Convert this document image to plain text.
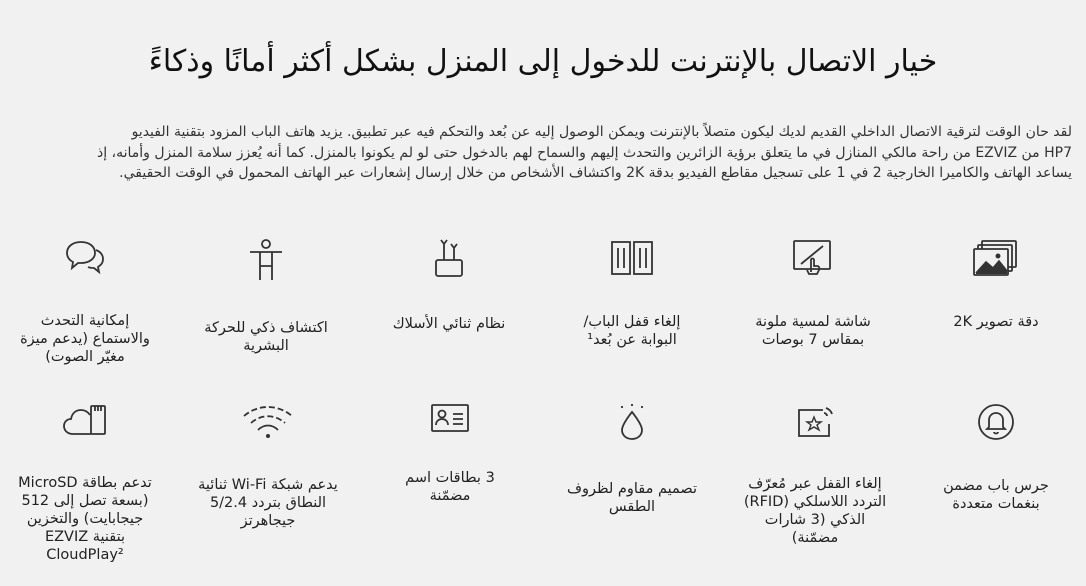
خيار الاتصال بالإنترنت للدخول إلى المنزل بشكل أكثر أمانًا وذكاءً
لقد حان الوقت لترقية الاتصال الداخلي القديم لديك ليكون متصلاً بالإنترنت ويمكن الوصول إليه عن بُعد والتحكم فيه عبر تطبيق. يزيد هاتف الباب المزود بتقنية الفيديو
HP7 من EZVIZ من راحة مالكي المنازل في ما يتعلق برؤية الزائرين والتحدث إليهم والسماح لهم بالدخول حتى لو لم يكونوا بالمنزل. كما أنه يُعزز سلامة المنزل وأمانه، إذ
يساعد الهاتف والكاميرا الخارجية 2 في 1 على تسجيل مقاطع الفيديو بدقة 2K واكتشاف الأشخاص من خلال إرسال إشعارات عبر الهاتف المحمول في الوقت الحقيقي.
دقة تصوير 2K
شاشة لمسية ملونة بمقاس 7 بوصات
إلغاء قفل الباب/البوابة عن بُعد¹
نظام ثنائي الأسلاك
اكتشاف ذكي للحركة البشرية
إمكانية التحدث والاستماع (يدعم ميزة مغيّر الصوت)
جرس باب مضمن بنغمات متعددة
إلغاء القفل عبر مُعرّف التردد اللاسلكي (RFID) الذكي (3 شارات مضمّنة)
تصميم مقاوم لظروف الطقس
3 بطاقات اسم مضمّنة
يدعم شبكة Wi-Fi ثنائية النطاق بتردد 5/2.4 جيجاهرتز
تدعم بطاقة MicroSD (بسعة تصل إلى 512 جيجابايت) والتخزين بتقنية EZVIZ CloudPlay²
